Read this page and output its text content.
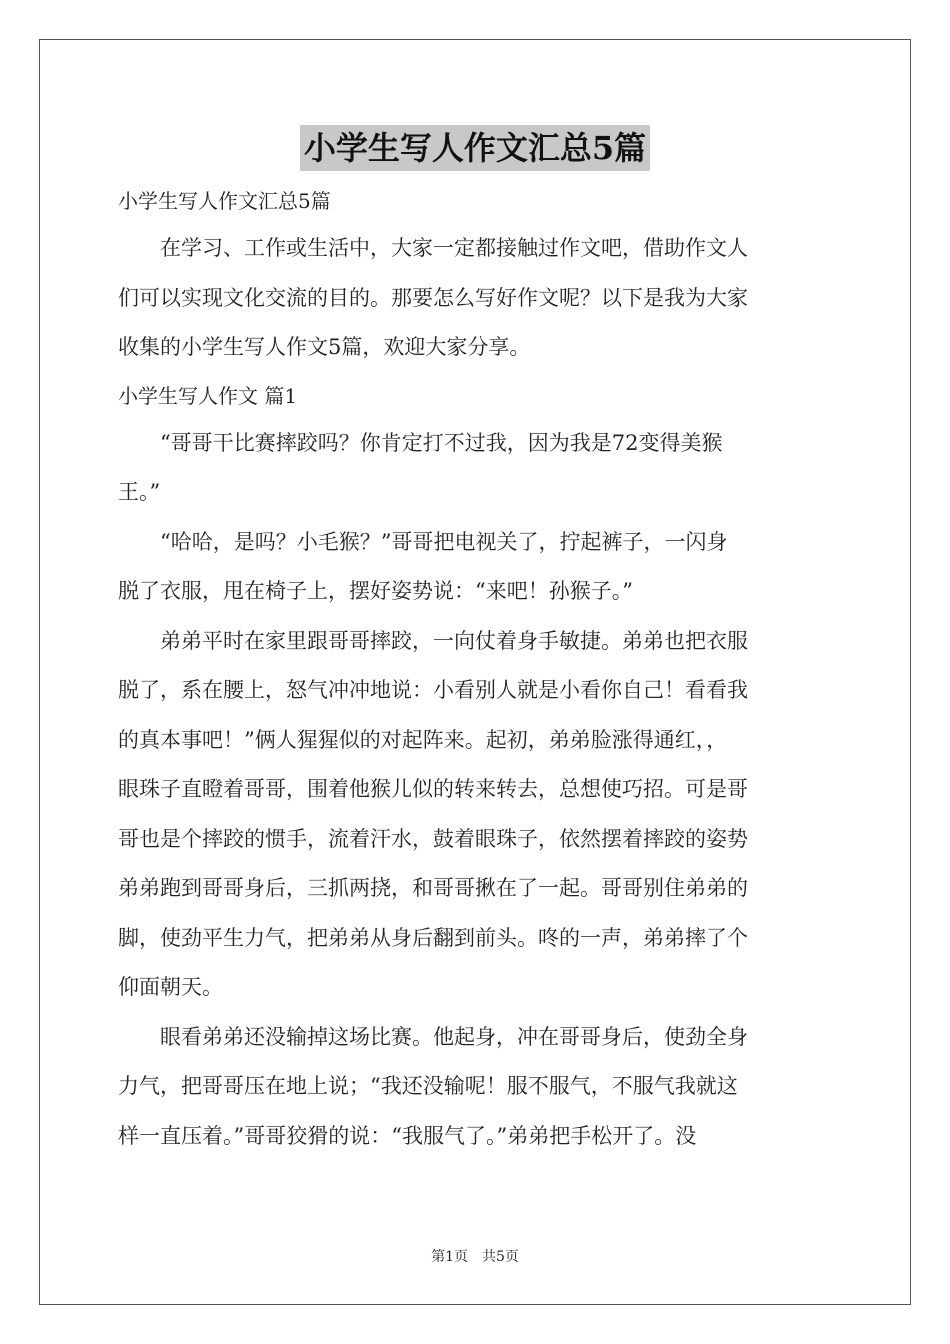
小学生写人作文汇总5篇
小学生写人作文汇总5篇
　　在学习、工作或生活中，大家一定都接触过作文吧，借助作文人
们可以实现文化交流的目的。那要怎么写好作文呢？以下是我为大家
收集的小学生写人作文5篇，欢迎大家分享。
小学生写人作文 篇1
　　“哥哥干比赛摔跤吗？你肯定打不过我，因为我是72变得美猴
王。”
　　“哈哈，是吗？小毛猴？”哥哥把电视关了，拧起裤子，一闪身
脱了衣服，甩在椅子上，摆好姿势说：“来吧！孙猴子。”
　　弟弟平时在家里跟哥哥摔跤，一向仗着身手敏捷。弟弟也把衣服
脱了，系在腰上，怒气冲冲地说：小看别人就是小看你自己！看看我
的真本事吧！”俩人猩猩似的对起阵来。起初，弟弟脸涨得通红，，
眼珠子直瞪着哥哥，围着他猴儿似的转来转去，总想使巧招。可是哥
哥也是个摔跤的惯手，流着汗水，鼓着眼珠子，依然摆着摔跤的姿势
弟弟跑到哥哥身后，三抓两挠，和哥哥揪在了一起。哥哥别住弟弟的
脚，使劲平生力气，把弟弟从身后翻到前头。咚的一声，弟弟摔了个
仰面朝天。
　　眼看弟弟还没输掉这场比赛。他起身，冲在哥哥身后，使劲全身
力气，把哥哥压在地上说；“我还没输呢！服不服气，不服气我就这
样一直压着。”哥哥狡猾的说：“我服气了。”弟弟把手松开了。没
第1页　共5页
